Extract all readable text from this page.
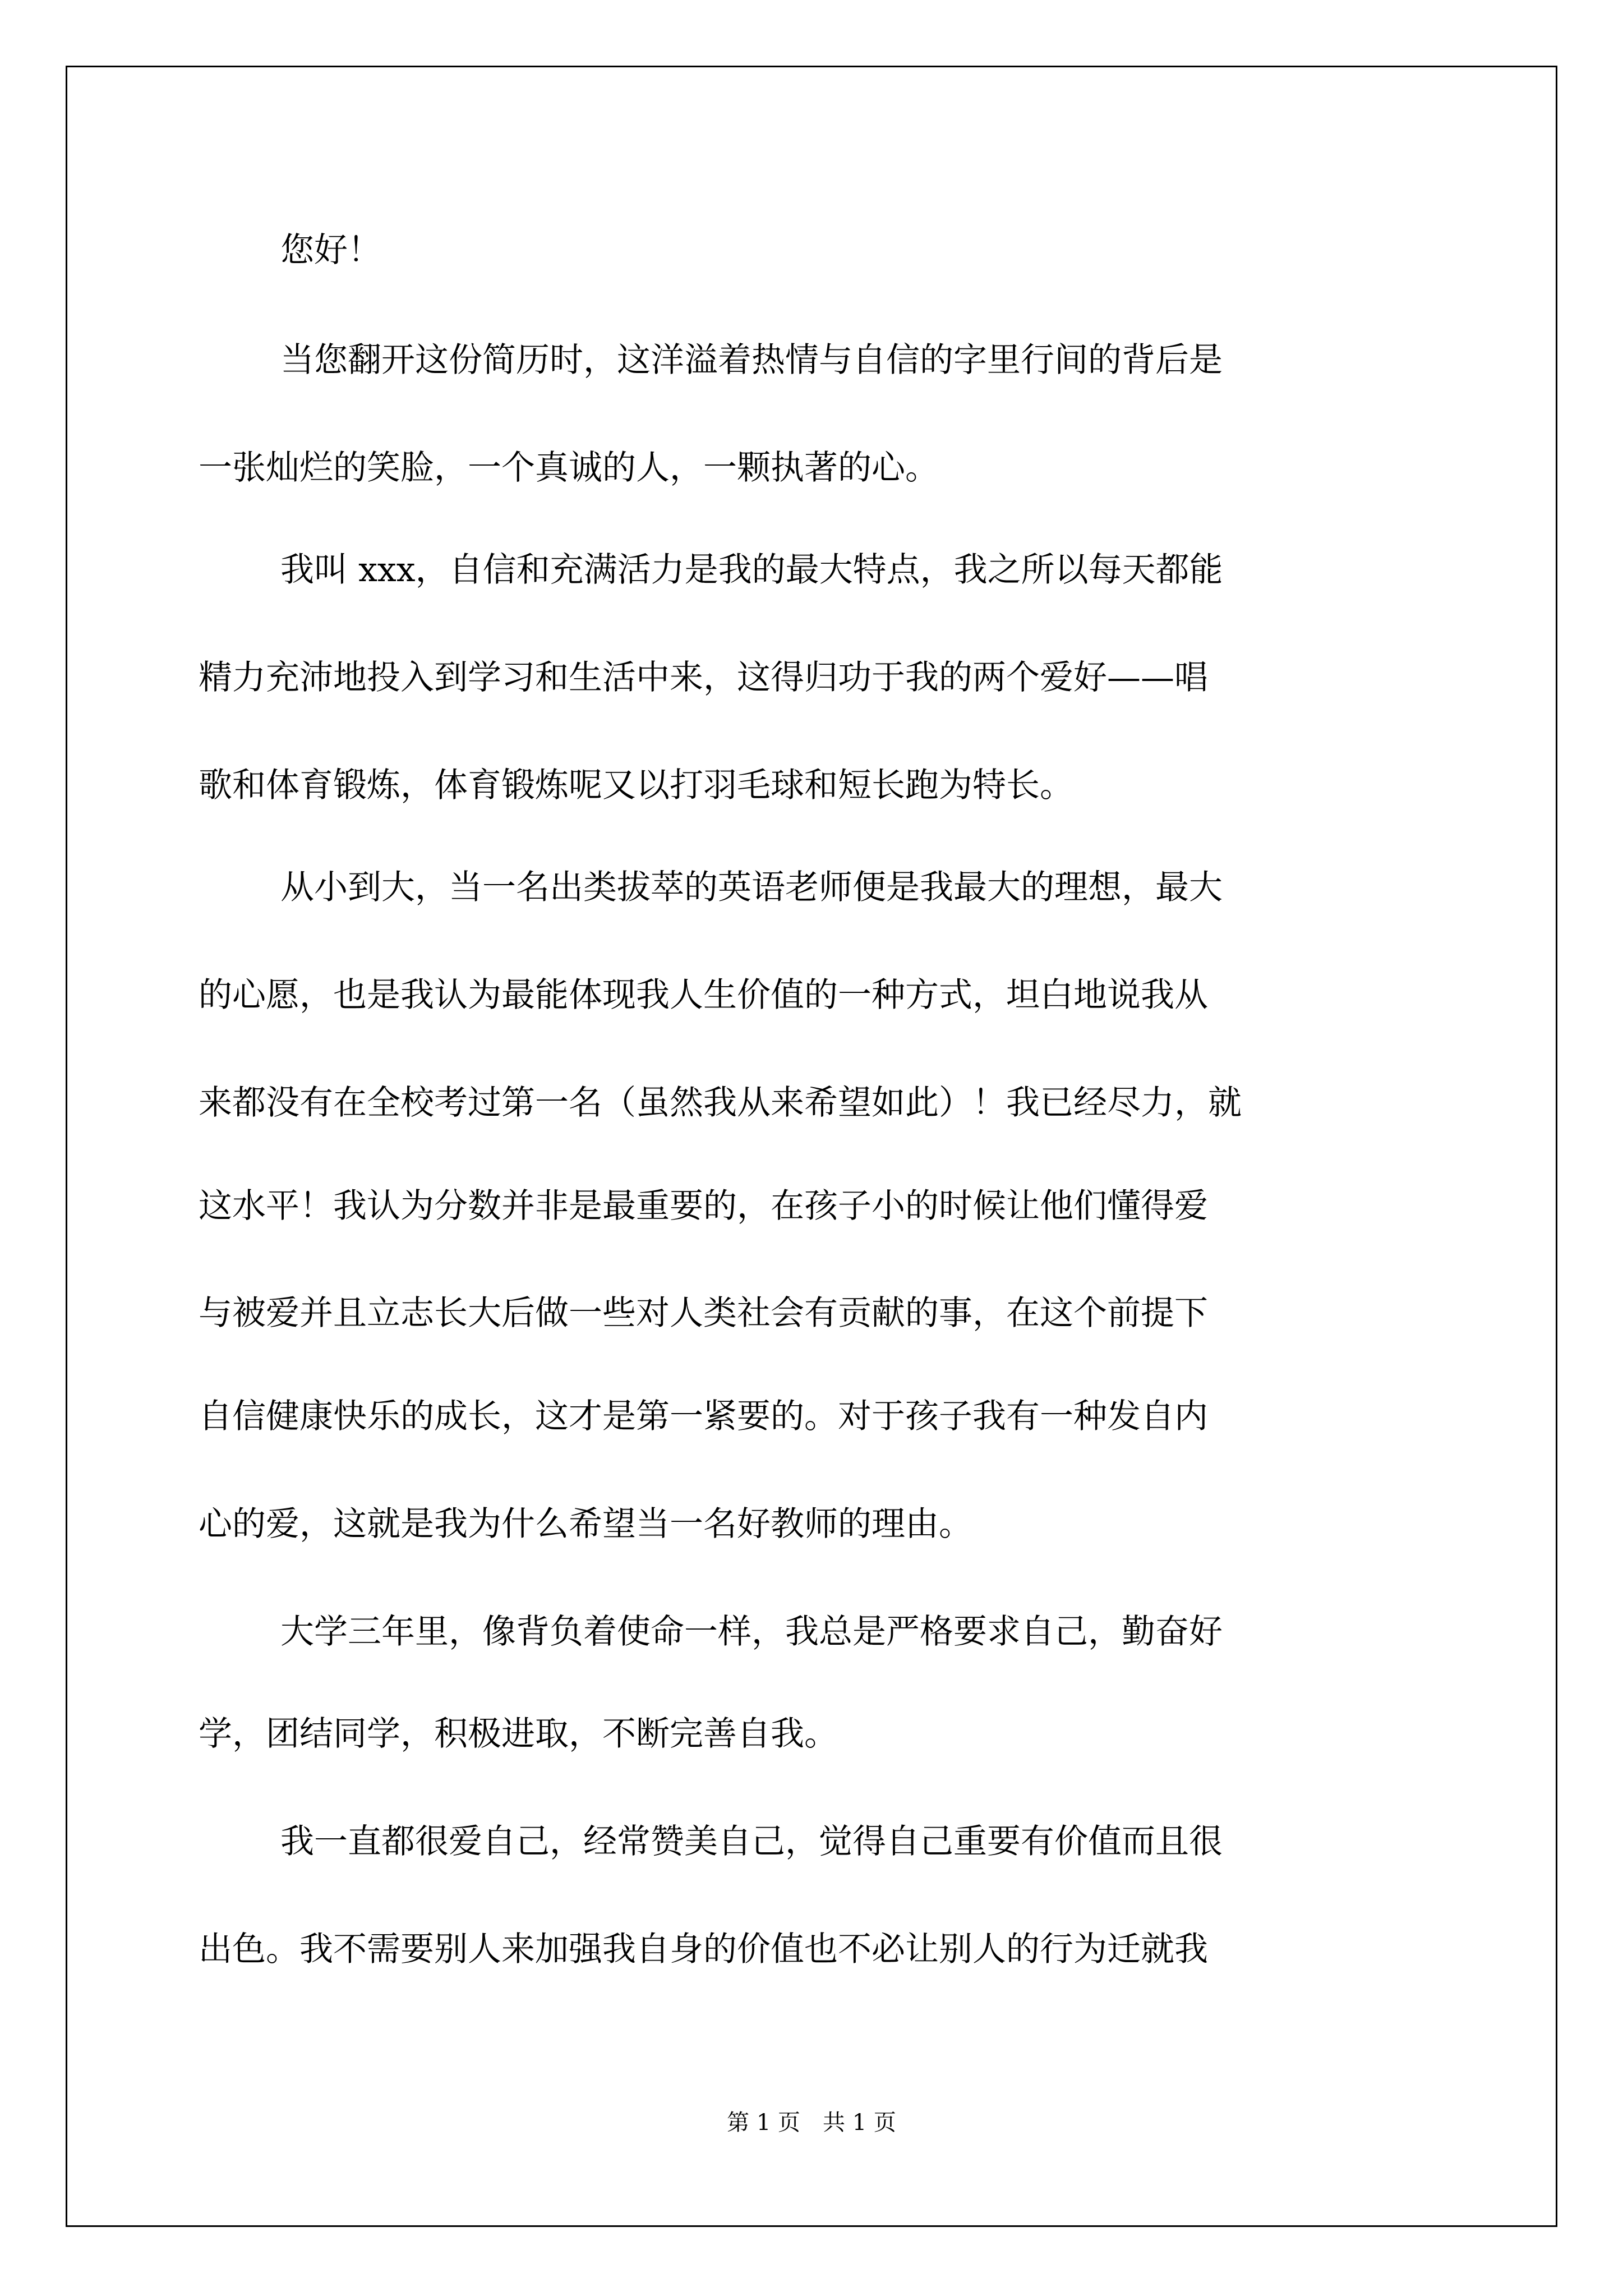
您好！
当您翻开这份简历时，这洋溢着热情与自信的字里行间的背后是
一张灿烂的笑脸，一个真诚的人，一颗执著的心。
我叫 xxx，自信和充满活力是我的最大特点，我之所以每天都能
精力充沛地投入到学习和生活中来，这得归功于我的两个爱好——唱
歌和体育锻炼，体育锻炼呢又以打羽毛球和短长跑为特长。
从小到大，当一名出类拔萃的英语老师便是我最大的理想，最大
的心愿，也是我认为最能体现我人生价值的一种方式，坦白地说我从
来都没有在全校考过第一名（虽然我从来希望如此）！我已经尽力，就
这水平！我认为分数并非是最重要的，在孩子小的时候让他们懂得爱
与被爱并且立志长大后做一些对人类社会有贡献的事，在这个前提下
自信健康快乐的成长，这才是第一紧要的。对于孩子我有一种发自内
心的爱，这就是我为什么希望当一名好教师的理由。
大学三年里，像背负着使命一样，我总是严格要求自己，勤奋好
学，团结同学，积极进取，不断完善自我。
我一直都很爱自己，经常赞美自己，觉得自己重要有价值而且很
出色。我不需要别人来加强我自身的价值也不必让别人的行为迁就我
第 1 页　共 1 页
